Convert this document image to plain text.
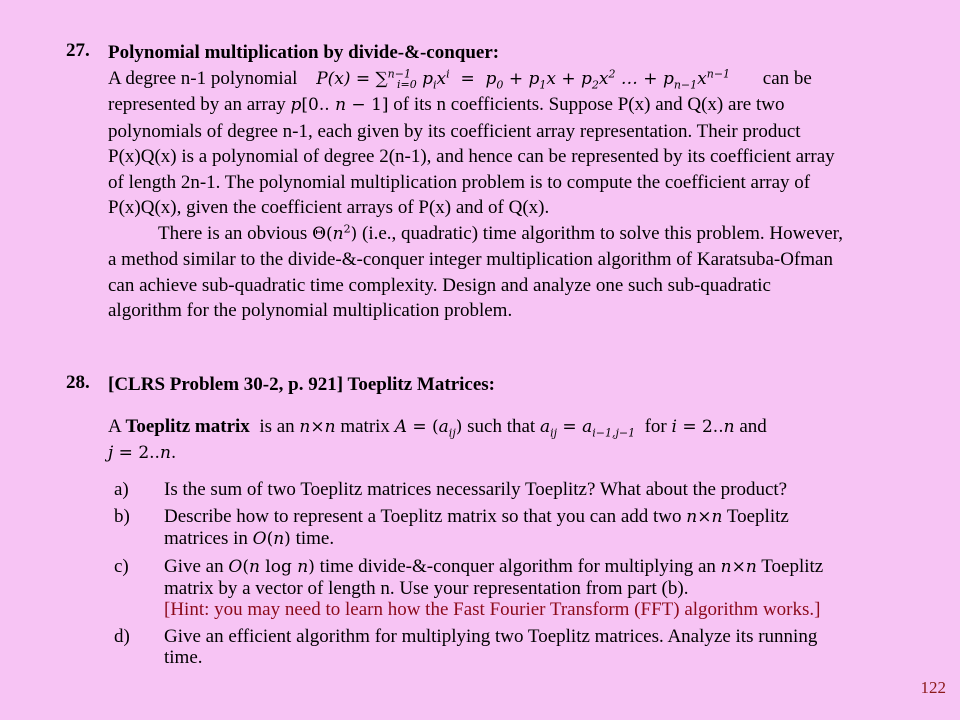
27. Polynomial multiplication by divide-&-conquer:
A degree n-1 polynomial P(x) = ∑$^{n-1}_{i=0}$ $p_ix^i = p_0 + p_1x + p_2x^2$ … + $p_{n-1}x^{n-1}$ can be
represented by an array p[0.. n − 1] of its n coefficients. Suppose P(x) and Q(x) are two
polynomials of degree n-1, each given by its coefficient array representation. Their product
P(x)Q(x) is a polynomial of degree 2(n-1), and hence can be represented by its coefficient array
of length 2n-1. The polynomial multiplication problem is to compute the coefficient array of
P(x)Q(x), given the coefficient arrays of P(x) and of Q(x).
There is an obvious $\Theta(n^2)$ (i.e., quadratic) time algorithm to solve this problem. However,
a method similar to the divide-&-conquer integer multiplication algorithm of Karatsuba-Ofman
can achieve sub-quadratic time complexity. Design and analyze one such sub-quadratic
algorithm for the polynomial multiplication problem.
28. [CLRS Problem 30-2, p. 921] Toeplitz Matrices:
A Toeplitz matrix is an n×n matrix $A = (a_{ij})$ such that $a_{ij} = a_{i-1,j-1}$ for i = 2..n and
j = 2..n.
a) Is the sum of two Toeplitz matrices necessarily Toeplitz? What about the product?
b) Describe how to represent a Toeplitz matrix so that you can add two n×n Toeplitz
matrices in O(n) time.
c) Give an O(n log n) time divide-&-conquer algorithm for multiplying an n×n Toeplitz
matrix by a vector of length n. Use your representation from part (b).
[Hint: you may need to learn how the Fast Fourier Transform (FFT) algorithm works.]
d) Give an efficient algorithm for multiplying two Toeplitz matrices. Analyze its running
time.
122
